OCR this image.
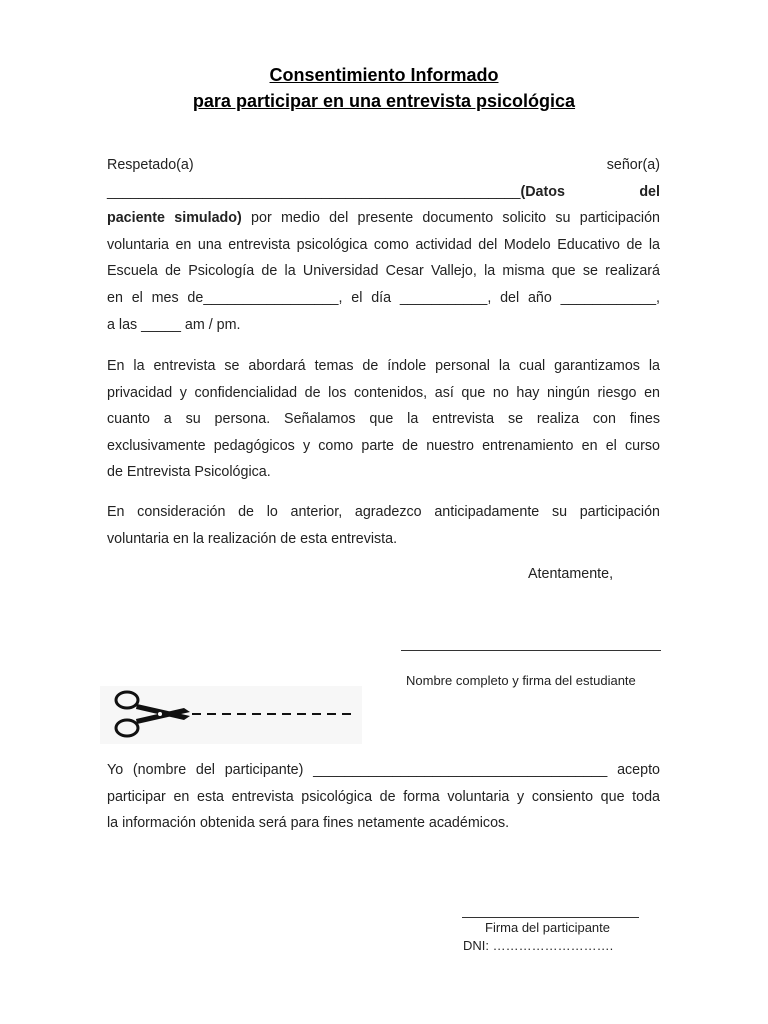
Consentimiento Informado
para participar en una entrevista psicológica
Respetado(a)	señor(a)
____________________________________________________(Datos	del
paciente simulado) por medio del presente documento solicito su participación
voluntaria en una entrevista psicológica como actividad del Modelo Educativo de la
Escuela de Psicología de la Universidad Cesar Vallejo, la misma que se realizará
en el mes de_________________, el día ___________, del año ____________,
a las _____ am / pm.
En la entrevista se abordará temas de índole personal la cual garantizamos la
privacidad y confidencialidad de los contenidos, así que no hay ningún riesgo en
cuanto a su persona. Señalamos que la entrevista se realiza con fines
exclusivamente pedagógicos y como parte de nuestro entrenamiento en el curso
de Entrevista Psicológica.
En consideración de lo anterior, agradezco anticipadamente su participación
voluntaria en la realización de esta entrevista.
Atentamente,
Nombre completo y firma del estudiante
Yo (nombre del participante) _____________________________________ acepto
participar en esta entrevista psicológica de forma voluntaria y consiento que toda
la información obtenida será para fines netamente académicos.
Firma del participante
DNI: ……………………….
